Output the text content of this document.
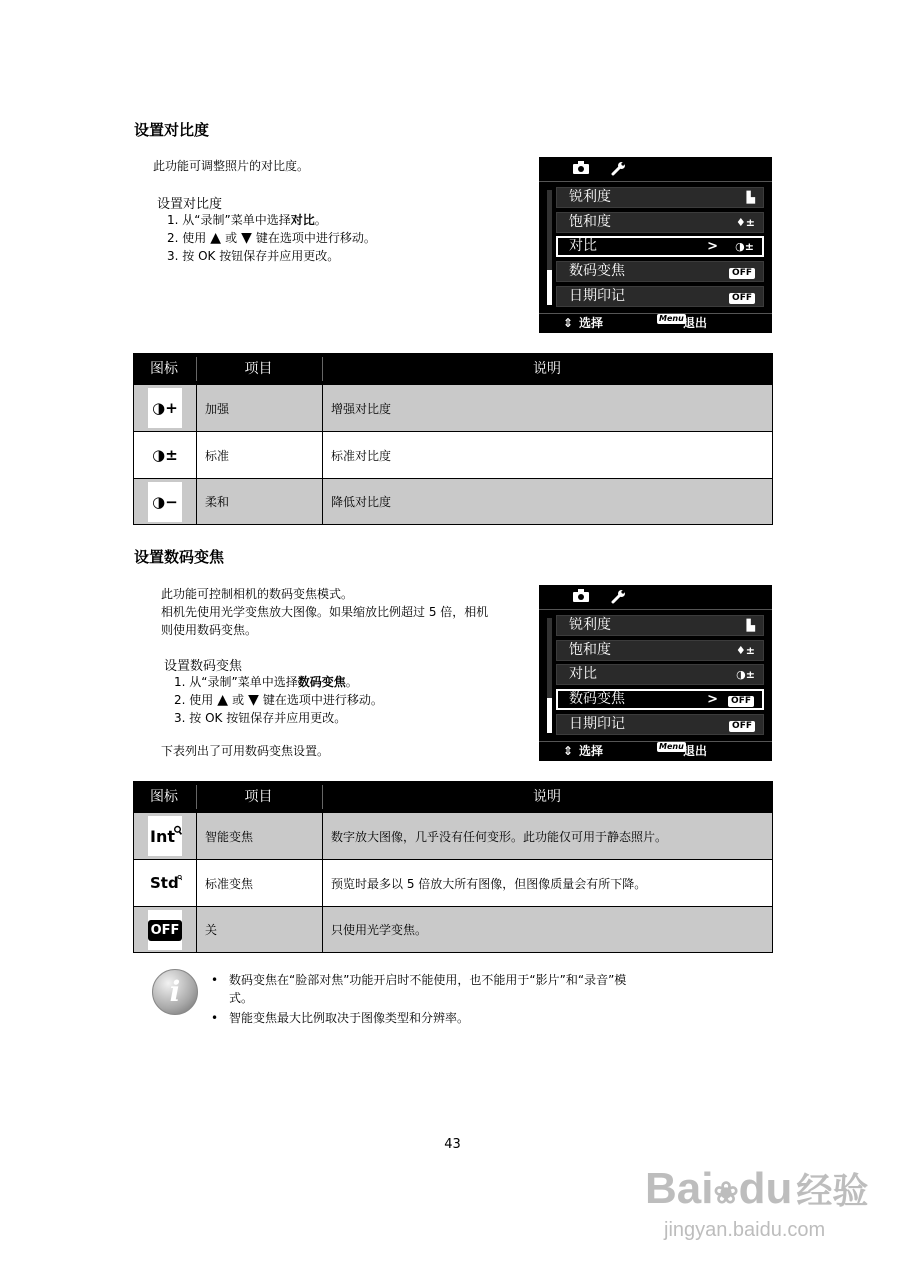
设置对比度
此功能可调整照片的对比度。
设置对比度
1. 从“录制”菜单中选择对比。
2. 使用 ▲ 或 ▼ 键在选项中进行移动。
3. 按 OK 按钮保存并应用更改。
锐利度	▙
饱和度	♦±
对比	> ◑±
数码变焦	OFF
日期印记	OFF
⇕ 选择	Menu 退出
图标	项目	说明
◑+	加强	增强对比度
◑±	标准	标准对比度
◑−	柔和	降低对比度
设置数码变焦
此功能可控制相机的数码变焦模式。
相机先使用光学变焦放大图像。如果缩放比例超过 5 倍，相机
则使用数码变焦。
设置数码变焦
1. 从“录制”菜单中选择数码变焦。
2. 使用 ▲ 或 ▼ 键在选项中进行移动。
3. 按 OK 按钮保存并应用更改。
下表列出了可用数码变焦设置。
锐利度	▙
饱和度	♦±
对比	◑±
数码变焦	>	OFF
日期印记	OFF
⇕ 选择	Menu 退出
图标	项目	说明
Int	智能变焦	数字放大图像，几乎没有任何变形。此功能仅可用于静态照片。
Std	标准变焦	预览时最多以 5 倍放大所有图像，但图像质量会有所下降。
OFF	关	只使用光学变焦。
i	• 数码变焦在“脸部对焦”功能开启时不能使用，也不能用于“影片”和“录音”模
式。
• 智能变焦最大比例取决于图像类型和分辨率。
43
Bai❀du 经验
jingyan.baidu.com
